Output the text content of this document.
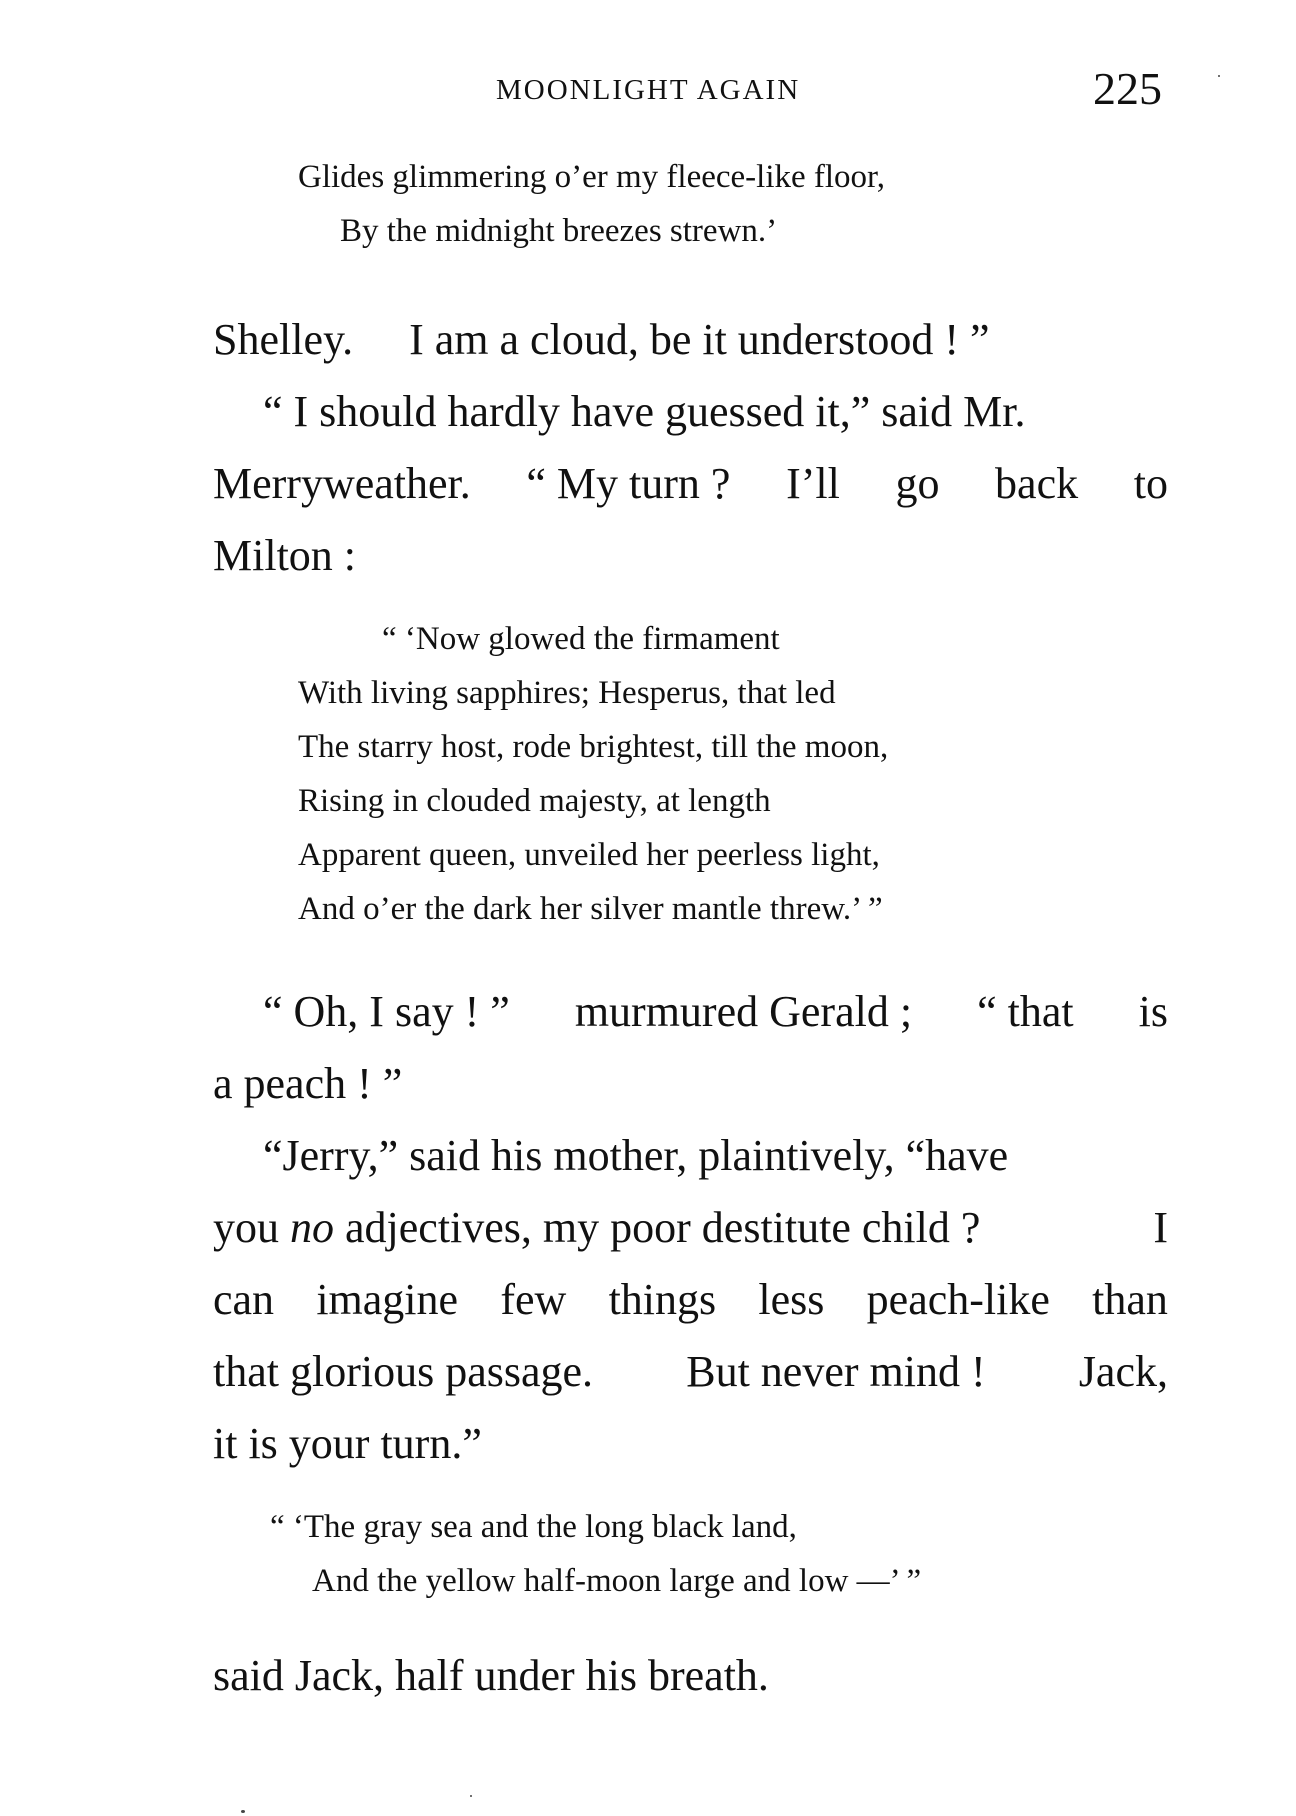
MOONLIGHT AGAIN	225
Glides glimmering o’er my fleece-like floor,
By the midnight breezes strewn.’
Shelley. I am a cloud, be it understood ! ”
“ I should hardly have guessed it,” said Mr.
Merryweather. “ My turn ? I’ll go back to
Milton :
“ ‘Now glowed the firmament
With living sapphires; Hesperus, that led
The starry host, rode brightest, till the moon,
Rising in clouded majesty, at length
Apparent queen, unveiled her peerless light,
And o’er the dark her silver mantle threw.’ ”
“ Oh, I say ! ” murmured Gerald ; “ that is
a peach ! ”
“Jerry,” said his mother, plaintively, “have
you no adjectives, my poor destitute child ?	I
can imagine few things less peach-like than
that glorious passage. But never mind ! Jack,
it is your turn.”
“ ‘The gray sea and the long black land,
And the yellow half-moon large and low —’ ”
said Jack, half under his breath.
